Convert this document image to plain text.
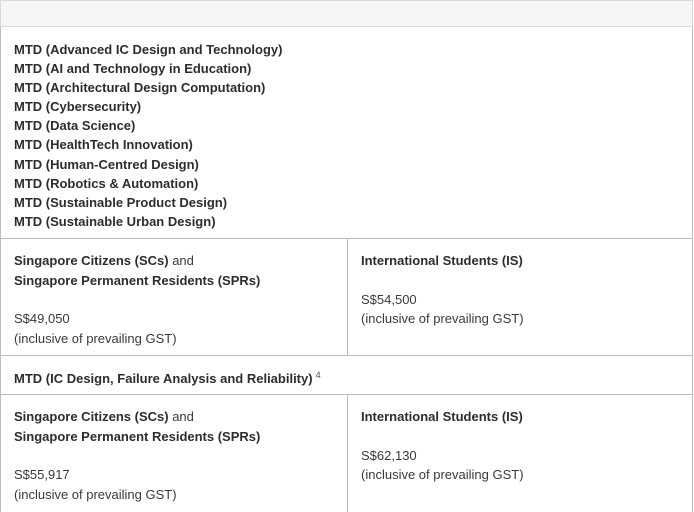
MTD (Advanced IC Design and Technology)
MTD (AI and Technology in Education)
MTD (Architectural Design Computation)
MTD (Cybersecurity)
MTD (Data Science)
MTD (HealthTech Innovation)
MTD (Human-Centred Design)
MTD (Robotics & Automation)
MTD (Sustainable Product Design)
MTD (Sustainable Urban Design)
Singapore Citizens (SCs) and
Singapore Permanent Residents (SPRs)
S$49,050
(inclusive of prevailing GST)
International Students (IS)
S$54,500
(inclusive of prevailing GST)
MTD (IC Design, Failure Analysis and Reliability) $^4$
Singapore Citizens (SCs) and
Singapore Permanent Residents (SPRs)
S$55,917
(inclusive of prevailing GST)
International Students (IS)
S$62,130
(inclusive of prevailing GST)
